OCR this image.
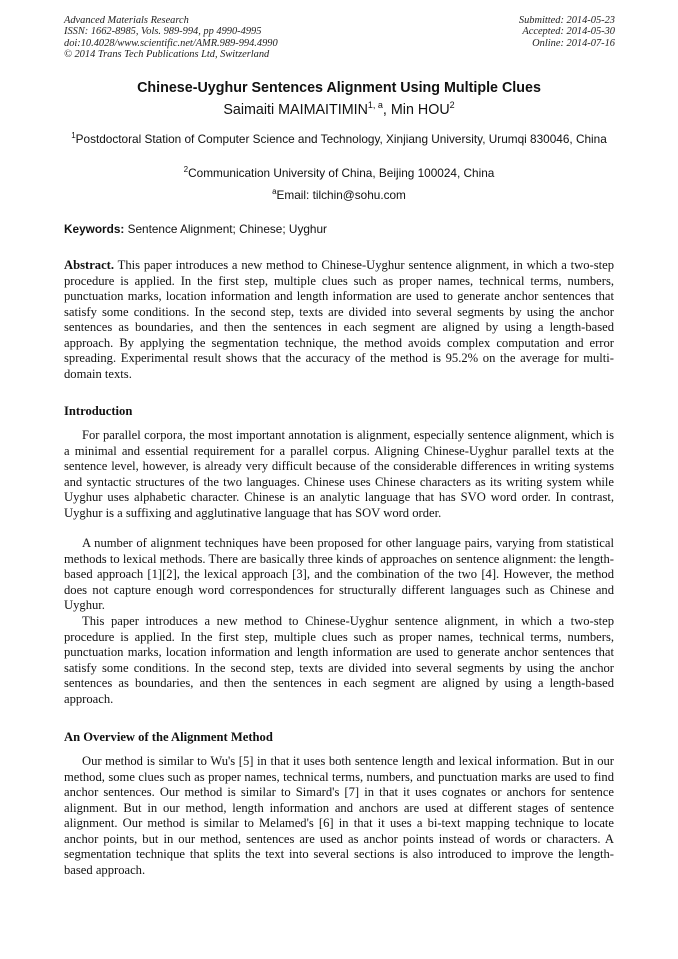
Advanced Materials Research
ISSN: 1662-8985, Vols. 989-994, pp 4990-4995
doi:10.4028/www.scientific.net/AMR.989-994.4990
© 2014 Trans Tech Publications Ltd, Switzerland
Submitted: 2014-05-23
Accepted: 2014-05-30
Online: 2014-07-16
Chinese-Uyghur Sentences Alignment Using Multiple Clues
Saimaiti MAIMAITIMIN$^{1, a}$, Min HOU$^2$
$^1$Postdoctoral Station of Computer Science and Technology, Xinjiang University, Urumqi 830046, China
$^2$Communication University of China, Beijing 100024, China
$^a$Email: tilchin@sohu.com
Keywords: Sentence Alignment; Chinese; Uyghur

Abstract. This paper introduces a new method to Chinese-Uyghur sentence alignment, in which a two-step procedure is applied. In the first step, multiple clues such as proper names, technical terms, numbers, punctuation marks, location information and length information are used to generate anchor sentences that satisfy some conditions. In the second step, texts are divided into several segments by using the anchor sentences as boundaries, and then the sentences in each segment are aligned by using a length-based approach. By applying the segmentation technique, the method avoids complex computation and error spreading. Experimental result shows that the accuracy of the method is 95.2% on the average for multi-domain texts.

Introduction

For parallel corpora, the most important annotation is alignment, especially sentence alignment, which is a minimal and essential requirement for a parallel corpus. Aligning Chinese-Uyghur parallel texts at the sentence level, however, is already very difficult because of the considerable differences in writing systems and syntactic structures of the two languages. Chinese uses Chinese characters as its writing system while Uyghur uses alphabetic character. Chinese is an analytic language that has SVO word order. In contrast, Uyghur is a suffixing and agglutinative language that has SOV word order.

A number of alignment techniques have been proposed for other language pairs, varying from statistical methods to lexical methods. There are basically three kinds of approaches on sentence alignment: the length-based approach [1][2], the lexical approach [3], and the combination of the two [4]. However, the method does not capture enough word correspondences for structurally different languages such as Chinese and Uyghur.

This paper introduces a new method to Chinese-Uyghur sentence alignment, in which a two-step procedure is applied. In the first step, multiple clues such as proper names, technical terms, numbers, punctuation marks, location information and length information are used to generate anchor sentences that satisfy some conditions. In the second step, texts are divided into several segments by using the anchor sentences as boundaries, and then the sentences in each segment are aligned by using a length-based approach.

An Overview of the Alignment Method

Our method is similar to Wu's [5] in that it uses both sentence length and lexical information. But in our method, some clues such as proper names, technical terms, numbers, and punctuation marks are used to find anchor sentences. Our method is similar to Simard's [7] in that it uses cognates or anchors for sentence alignment. But in our method, length information and anchors are used at different stages of sentence alignment. Our method is similar to Melamed's [6] in that it uses a bi-text mapping technique to locate anchor points, but in our method, sentences are used as anchor points instead of words or characters. A segmentation technique that splits the text into several sections is also introduced to improve the length-based approach.
